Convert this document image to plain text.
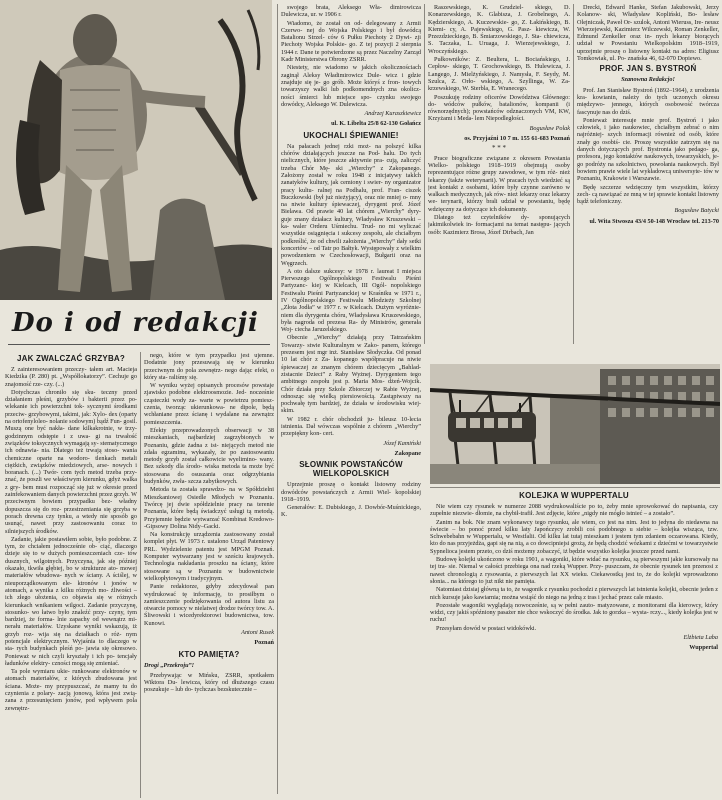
Do i od redakcji

swojego brata, Aleksego Wła- dimirowicza Dulewicza, ur. w 1906 r.

Wiadomo, że został on od- delegowany z Armii Czerwo- nej do Wojska Polskiego i był dowódcą Batalionu Strzel- ców 6 Pułku Piechoty 2 Dywi- zji Piechoty Wojska Polskie- go. Z tej pozycji 2 sierpnia 1944 r. Dane te potwierdzone są przez Naczelny Zarząd Kadr Ministerstwa Obrony ZSRR.

Niestety, nie wiadomo w jakich okolicznościach zaginął Aleksy Władimirowicz Dule- wicz i gdzie znajduje się je- go grób. Może któryś z fron- towych towarzyszy walki lub podkomendnych zna okolicz- ności śmierci lub miejsce spo- czynku swojego dowódcy, Aleksego W. Dulewicza.

Andrzej Kuraszkiewicz
ul. K. Libelta 25/8 62-130 Gołańcz
UKOCHALI ŚPIEWANIE!

Na pałacach jednej rzki moż- na polszyć kilka chórów działających jeszcze na Pod- halu. Do tych nielicznych, które jeszcze aktywnie pra- cują, zaliczyć trzeba Chór Mę- ski „Wierchy” z Zakopanego. Założony został w roku 1948 z inicjatywy taklch zanatyków kultury, jak cemiony i swier- ny organizator pracy kultu- ralnej na Podhalu, prof. Fran- ciszek Buczkowski (był już nieżyjący), oraz nie mniej o- mny na niwie kultury śpiewaczej, dyrygent prof. Józef Bielawa. Od prawie 40 lat chórem „Wierchy” dyry- guje znany działacz kultury, Władysław Kruszewski – ka- waler Orderu Uśmiechu. Trud- no mi wyliczać wszystkie osiągnięcia i sukcesy zespołu, ale chciałbym podkreślić, że od chwili założenia „Wierchy” dały setki koncertów – od Tatr po Bałtyk. Występowały z wielkim powodzeniem w Czechosłowacji, Bułgarii oraz na Węgrzech.

A oto dalsze sukcesy: w 1978 r. laureat I miejsca Pierwszego Ogólnopolskiego Festiwalu Pieśni Partyzanc- kiej w Kielcach, III Ogól- nopolskiego Festiwalu Pieśni Partyzanckiej w Kraśniku w 1971 r., IV Ogólnopolskiego Festiwalu Młodzieży Szkolnej „Złota Jodła” w 1977 r. w Kielcach. Dużym wyróżnie- niem dla dyrygenta chóru, Władysława Kruszewskiego, była nagroda od prezesa Ra- dy Ministrów, generała Woj- ciecha Jaruzelskiego.

Obecnie „Wierchy” działają przy Tatrzańskim Towarzy- stwie Kulturalnym w Zako- panem, którego prezesem jest mgr inż. Stanisław Słodyczka. Od ponad 10 lat chór z Za- kopanego współpracuje na niwie śpiewaczej ze znanym chórem dziecięcym „Bahlad- zistacnie Dzieci” z Raby Wyżnej. Dyrygentem tego ambitnego zespołu jest p. Maria Mos- dżeń-Wojcik. Chór działa przy Szkole Zbiorczej w Rabie Wyżnej, odnosząc się wielką piersiowością. Zastąpiwszy na pochwałę tym bardziej, że działa w środowisku wiej- skim.

W 1982 r. chór obchodził ju- bileusz 10-lecia istnienia. Dał wówczas wspólnie z chórem „Wierchy” przepiękny kon- cert.

Józef Kamiński
Zakopane
SŁOWNIK POWSTAŃCÓW WIELKOPOLSKICH

Uprzejmie proszę o kontakt listowny rodziny dowódców powstańczych z Armii Wiel- kopolskiej 1918–1919.

Generałów: E. Dubiskiego, J. Dowbór-Muśnickiego, K.

Raszewskiego, K. Grudziel- skiego, D. Konarzewskiego, K. Glabisza, J. Grobelnego, A. Kędzierskiego, A. Kuczewskie- go, Z. Łakińskiego, B. Kiemi- cy, A. Pajewskiego, G. Pasz- kiewicza, W. Przezdzieckiego, B. Śmiarzowskiego, J. Sta- chiewicza, S. Taczaka, L. Uruaga, J. Wierzejewskiego, J. Wroczyńskiego.

Pułkowników: Z. Beultera, L. Bociańskiego, J. Cepłow- skiego, T. Grochowskiego, B. Hulewicza, J. Langego, J. Mielżyńskiego, J. Namysła, F. Seydy, M. Szulca, Z. Orło- wskiego, A. Szyllinga, W. Za- krzewskiego, W. Sterbla, E. Wranecego.

Poszukuję rodziny oficerów Dowództwa Głównego: do- wódców pułków, batalionów, kompanii (i równorzędnych); powstańców odznaczonych VM, KW, Krzyżami i Meda- lem Niepodległości.

Bogusław Polak
os. Przyjaźni 10 7 m. 155 61-683 Poznań
* * *

Prace biograficzne związane z okresem Powstania Wielko- polskiego 1918–1919 obejmują osoby reprezentujące różne grupy zawodowe, w tym róż- nież lekarzy (także weterynarii). W pracach tych wiedzieć są jest kontakt z osobami, które były czynne zarówno w walkach medycznych, jak rów- nież lekarzy oraz lekarzy we- terynarii, którzy brali udział w powstaniu, będę wdzięczny za dotyczące ich dokumenty.

Dlatego też czytelników dy- sponujących jakimikolwiek in- formacjami na temat następu- jących osób: Kazimierz Brosa, Józef Dirbach, Jan

Drecki, Edward Hanke, Stefan Jakubowski, Jerzy Kolanow- ski, Władysław Kopliński, Bo- lesław Olejniczak, Paweł Or- szulok, Antoni Wieruss, Ire- neusz Wierzejewski, Kazimierz Wilczewski, Roman Zenkeller, Edmund Zenkeller oraz in- nych lekarzy biorących udział w Powstaniu Wielkopolskim 1918–1919, uprzejmie proszę o listowny kontakt na adres: Eligiusz Tomkowiak, ul. Po- znańska 46, 62-070 Dopiewo.

PROF. JAN S. BYSTROŃ
Szanowna Redakcjo!

Prof. Jan Stanisław Bystroń (1892–1964), z urodzenia kra- kowianin, należy do tych uczonych okresu międzywo- jennego, których osobowość twórcza fascynuje nas do dziś.

Ponieważ interesuje mnie prof. Bystroń i jako człowiek, i jako naukowiec, chciałbym zebrać o nim najróżniej- szych informacji również od osób, które znały go osobiś- cie. Proszę wszystkie zatrzym się na danych dotyczących prof. Bystronia jako pedago- ga, profesora, jego kontaktów naukowych, towarzyskich, je- go podróży na szkolnictwo, powołania naukowych. Był bowiem prawie wiele lat wykładowcą uniwersyte- tów w Poznaniu, Krakowie i Warszawie.

Będę szczerze wdzięczny tym wszystkim, którzy zech- cą nawiązać ze mną w tej sprawie kontakt listowny bądź telefoniczny.

Bogusław Batycki
ul. Wita Stwosza 43/4 50-148 Wrocław tel. 213-70
KOLEJKA W WUPPERTALU

Nie wiem czy rysunek w numerze 2088 wydrukowaliście po to, żeby mnie sprowokować do napisania, czy zupełnie niezwie- dłomie, na chybił-trafił. Jest zdjęcie, które „nigdy nie mógło istnieć – a zostało”.

Zanim na bok. Nie znam wykonawcy tego rysunku, ale wiem, co jest na nim. Jest to jedyna do niedawna na świecie – bo ponoć przed kilku laty Japończycy zrobili coś podobnego u siebie – kolejka wisząca, tzw. Schwebebahn w Wuppertalu, w Westfalii. Od kilku lat tutaj mieszkam i jestem tym zdaniem oczarowana. Kiedy, kto do nas przyjeżdża, gapi się na nią, a co dowcipniejsi grożą, że będą chodzić wózkami z dziećmi w towarzystwie Sypnelioca jestem przeto, co dziś możemy zobaczyć, iż będzie wszystko kolejka jeszcze przed nami.

Budowę kolejki ukończono w roku 1901, a wagoniki, które widać na rysunku, są pierwszymi jakie kursowały na tej tra- sie. Niemal w całości przebiega ona nad rzeką Wupper. Przy- puszczam, że obecnie rysunek ten przenosi z nawet chronologią z rysowania, z pierwszych lat XX wieku. Ciekawostką jest to, że do kolejki wprowadzono słonia... na którego to już nikt nie pamięta.

Natomiast dzisiaj główną ta to, że wagonik z rysunku pochodzi z pierwszych lat istnienia kolejki, obecnie jeden z nich kursuje jako kawiarnia; można wsiąść do niego na jedną z tras i jechać przez cale miasto.

Pozostałe wagoniki wyglądają nowocześnie, są w pełni zauto- matyzowane, z monitorami dla kierowcy, który widzi, czy jakiś spóźniony pasażer nie chce wskoczyć do środka. Jak to gorzka – wysta- rczy..., kiedy kolejka jest w ruchu!

Przesyłam dowód w postaci widokówki.

Elżbieta Laba
Wuppertal
JAK ZWALCZAĆ GRZYBA?

Z zainteresowaniem przeczy- tałem art. Macieja Kiedzika (P. 280) pt. „Współlokatorzy”. Cechuje go znajomość rze- czy. (...)

Dotychczas chroniło się sku- teczny przed działaniem pleśni, grzybów i bakterii przez po- wlekanie ich powierzchni tok- sycznymi środkami przeciw- grzybowymi, takimi, jak: Xylo- dex (oparty na ortofenyloleo- nolanie sodowym) bądź Fun- gosil. Muszą one być nakła- dane kilkakrotnie, w trzy- godzinnym odstępie i z uwa- gi na trwałość związków toksycznych wymagają sy- stematycznego ich odnawia- nia. Dlatego też trwają stoso- wania chemiczne oparte na wodoro- tlenkach metali ciężkich, związków miedziowych, arse- nowych i boranach. (...) Twór- com tych metod trzeba przy- znać, że poszli we właściwym kierunku, gdyż walka z gry- bem musi rozpocząć się już w okresie przed zainfekowaniem danych powierzchni przez grzyb. W przeciwnym bowiem przypadku bez- władny dopuszcza się do roz- przestrzeniania się grzyba w porach drewna czy tynku, a wtedy nie sposób go usunąć, nawet przy zastosowaniu coraz to silniejszych środków.

Zadanie, jakie postawiłem sobie, było podobne. Z tym, że chciałem jednocześnie ob- ciąć, dlaczego dzieje się to w dużych pomieszczeniach cze- tów dusznych, wilgotnych. Przyczyna, jak się później okazało, tkwiła głębiej, bo w strukturze ato- mowej materiałów wbudowa- nych w ściany. A ściślej, w nieuporządkowanym ele- ktronów i jonów w atomach, a wynika z kilku różnych mo- żliwości – ich złego ułożenia, co objawia się w różnych kierunkach wnikaniem wilgoci. Zadanie przyczynę, stosunko- wo łatwo było znaleźć przy- czyny, tym bardziej, że forma- lnie zapachy od wewnątrz mi- nerału materiałów. Uzyskane wyniki wskazują, iż grzyb roz- wija się na działkach o róż- nym potencjale elektrycznym. Wyjaśnia to dlaczego w sta- rych budynkach pleśń po- jawia się okresowo. Ponieważ w nich czyli kryształy i ich po- tencjały ładunków elektry- czności mogą się zmieniać.

Ta pole wymiaru ukie- runkowane elektronów w atomach materiałów, z których zbudowana jest ściana. Może- my przypuszczać, że mamy tu do czynienia z polary- zacją jonową, która jest zwią- zana z przesunięciem jonów, pod wpływem pola zewnętrz-

nego, które w tym przypadku jest ujemne. Dodatnie jony przesuwają się w kierunku przeciwnym do pola zewnętrz- nego dając efekt, o który sta- raliśmy się.

W wyniku wyżej opisanych procesów powstaje zjawisko podobne elektroosmozie. Jed- nocześnie cząsteczki wody za- warte w powietrzu pomiesz- czenia, tworząc ukierunkowa- ne dipole, będą wchłaniane przez ścianę i wydalane na zewnątrz pomieszczenia.

Efekty przeprowadzonych obserwacji w 38 mieszkaniach, najbardziej zagrzybionych w Poznaniu, gdzie żadna z ist- niejących metod nie zdała egzaminu, wykazały, że po zastosowaniu metody grzyb został całkowicie wyelimino- wany. Bez szkody dla środo- wiska metoda ta może być stosowana do osuszania oraz odgrzybiania budynków, zwła- szcza zabytkowych.

Metoda ta została sprawdzo- na w Spółdzielni Mieszkaniowej Osiedle Młodych w Poznaniu. Twórcę jej dwie spółdzielnie pracy na terenie Poznania, które będą świadczyć usługi tą metodą. Przyjemnie będzie wytwarzać Kombinat Kredowo- -Gipsowy Dolina Nidy–Gacki.

Na konstrukcję urządzenia zastosowany został komplet płyt. W 1973 r. ustalono Urząd Patentowy PRL. Wydzielenie patentu jest MPGM Poznań. Komputer wytwarzany jest w sześciu krajowych. Technologia nakładania proszku na ściany, które stosowane są w Poznaniu w budownictwie wielkopłytowym i tradycyjnym.

Panie redaktorze, gdyby zdecydował pan wydrukować tę informację, to prosiłbym o zamieszczenie podziękowania od autora listu za otwarcie pomocy w nielatwej drodze twórcy tow. A. Śliwowski i wicedyrektorowi budownictwa, tow. Kunowi.

Antoni Rusek
Poznań
KTO PAMIĘTA?
Drogi „Przekroju”!

Przebywając w Mińsku, ZSRR, spotkałem Wiktora Du- lewicza, który od dłuższego czasu poszukuje – lub do- tychczas bezskutecznie –
